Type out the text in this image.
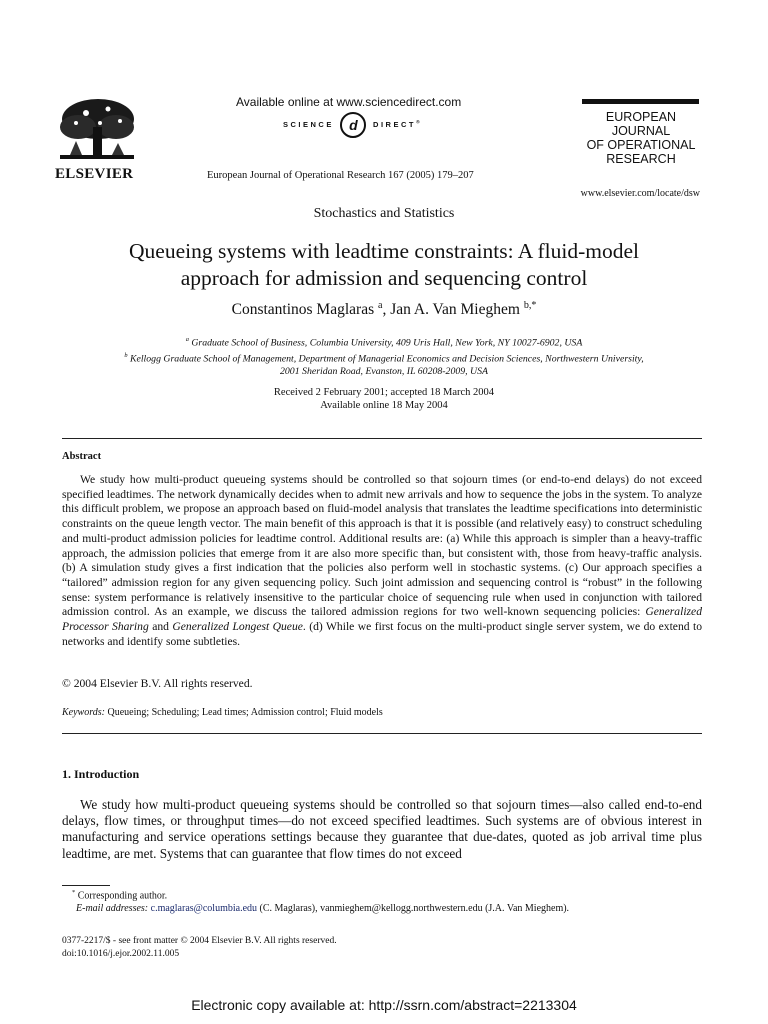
ELSEVIER
Available online at www.sciencedirect.com
SCIENCE d DIRECT®
European Journal of Operational Research 167 (2005) 179–207
EUROPEAN
JOURNAL
OF OPERATIONAL
RESEARCH
www.elsevier.com/locate/dsw
Stochastics and Statistics
Queueing systems with leadtime constraints: A fluid-model
approach for admission and sequencing control
Constantinos Maglaras $^a$, Jan A. Van Mieghem $^{b,*}$
$^a$ Graduate School of Business, Columbia University, 409 Uris Hall, New York, NY 10027-6902, USA
$^b$ Kellogg Graduate School of Management, Department of Managerial Economics and Decision Sciences, Northwestern University,
2001 Sheridan Road, Evanston, IL 60208-2009, USA
Received 2 February 2001; accepted 18 March 2004
Available online 18 May 2004
Abstract
We study how multi-product queueing systems should be controlled so that sojourn times (or end-to-end delays) do not exceed specified leadtimes. The network dynamically decides when to admit new arrivals and how to sequence the jobs in the system. To analyze this difficult problem, we propose an approach based on fluid-model analysis that translates the leadtime specifications into deterministic constraints on the queue length vector. The main benefit of this approach is that it is possible (and relatively easy) to construct scheduling and multi-product admission policies for leadtime control. Additional results are: (a) While this approach is simpler than a heavy-traffic approach, the admission policies that emerge from it are also more specific than, but consistent with, those from heavy-traffic analysis. (b) A simulation study gives a first indication that the policies also perform well in stochastic systems. (c) Our approach specifies a “tailored” admission region for any given sequencing policy. Such joint admission and sequencing control is “robust” in the following sense: system performance is relatively insensitive to the particular choice of sequencing rule when used in conjunction with tailored admission control. As an example, we discuss the tailored admission regions for two well-known sequencing policies: Generalized Processor Sharing and Generalized Longest Queue. (d) While we first focus on the multi-product single server system, we do extend to networks and identify some subtleties.
© 2004 Elsevier B.V. All rights reserved.
Keywords: Queueing; Scheduling; Lead times; Admission control; Fluid models
1. Introduction
We study how multi-product queueing systems should be controlled so that sojourn times—also called end-to-end delays, flow times, or throughput times—do not exceed specified leadtimes. Such systems are of obvious interest in manufacturing and service operations settings because they guarantee that due-dates, quoted as job arrival time plus leadtime, are met. Systems that can guarantee that flow times do not exceed
* Corresponding author.
E-mail addresses: c.maglaras@columbia.edu (C. Maglaras), vanmieghem@kellogg.northwestern.edu (J.A. Van Mieghem).
0377-2217/$ - see front matter © 2004 Elsevier B.V. All rights reserved.
doi:10.1016/j.ejor.2002.11.005
Electronic copy available at: http://ssrn.com/abstract=2213304
